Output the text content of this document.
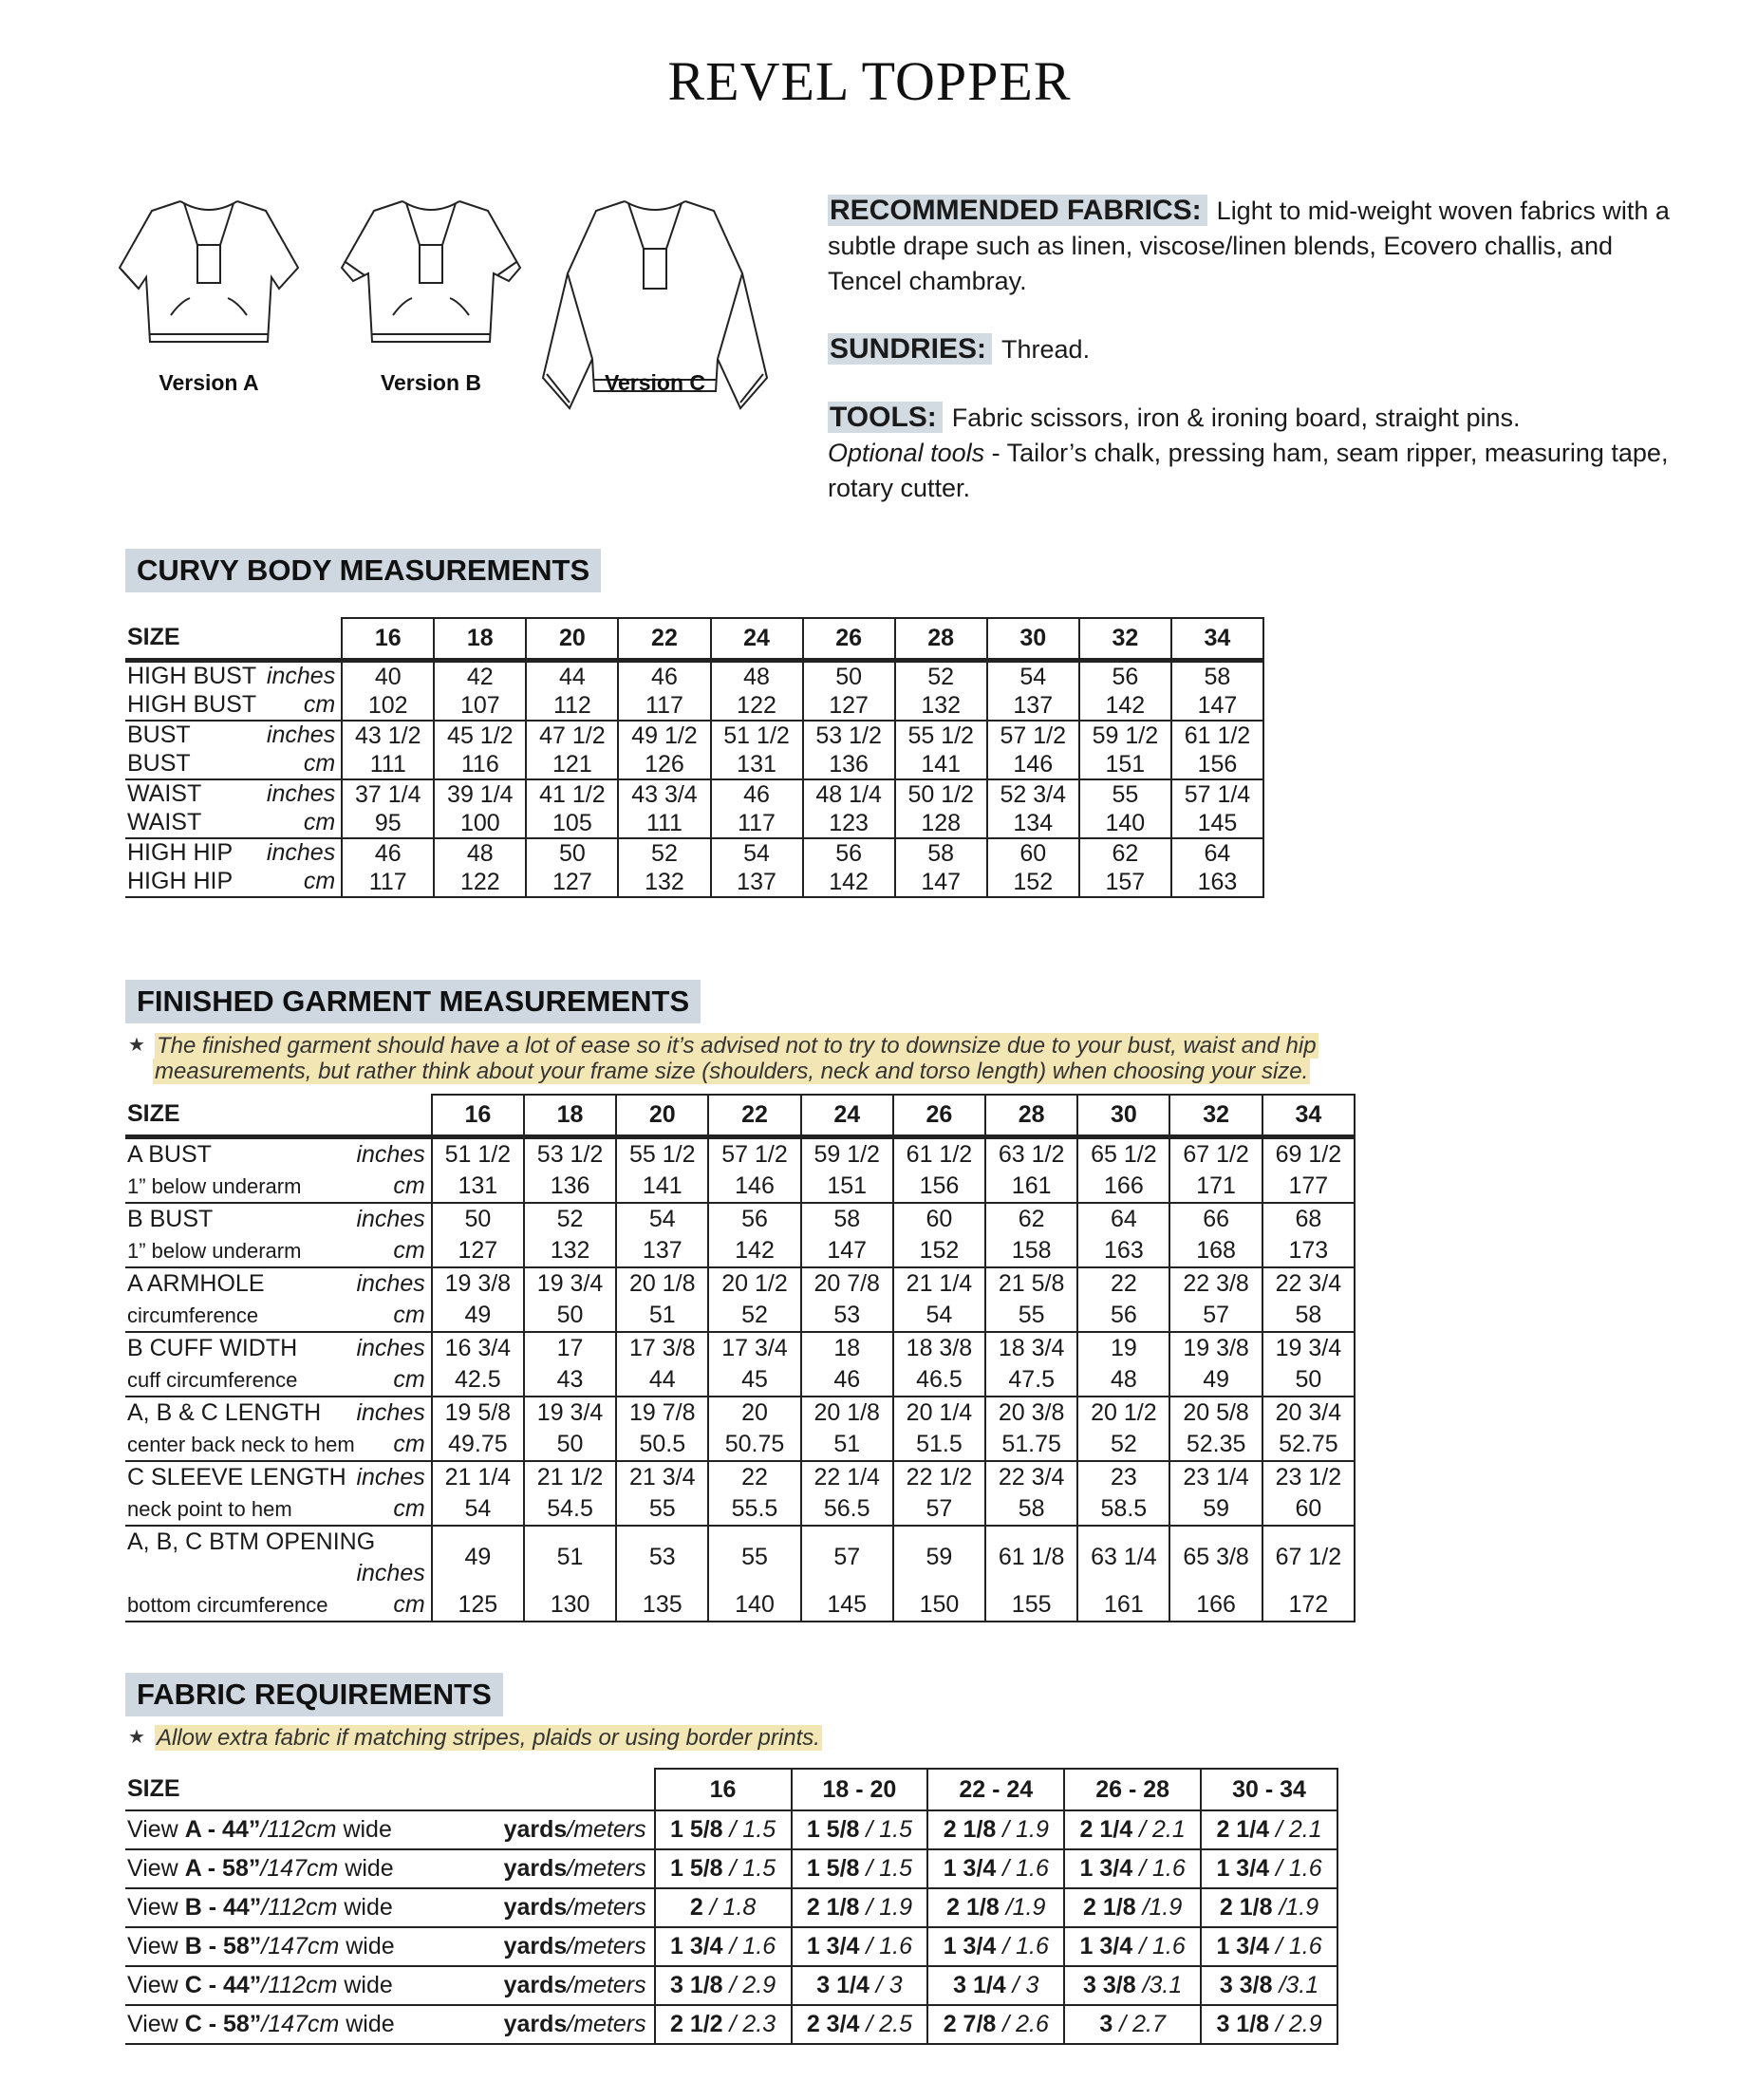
REVEL TOPPER
Version A	Version B	Version C

RECOMMENDED FABRICS: Light to mid-weight woven fabrics with a subtle drape such as linen, viscose/linen blends, Ecovero challis, and Tencel chambray.

SUNDRIES: Thread.

TOOLS: Fabric scissors, iron & ironing board, straight pins.
Optional tools - Tailor’s chalk, pressing ham, seam ripper, measuring tape, rotary cutter.

CURVY BODY MEASUREMENTS
SIZE	16	18	20	22	24	26	28	30	32	34
HIGH BUST inches	40	42	44	46	48	50	52	54	56	58
HIGH BUST cm	102	107	112	117	122	127	132	137	142	147
BUST inches	43 1/2	45 1/2	47 1/2	49 1/2	51 1/2	53 1/2	55 1/2	57 1/2	59 1/2	61 1/2
BUST cm	111	116	121	126	131	136	141	146	151	156
WAIST inches	37 1/4	39 1/4	41 1/2	43 3/4	46	48 1/4	50 1/2	52 3/4	55	57 1/4
WAIST cm	95	100	105	111	117	123	128	134	140	145
HIGH HIP inches	46	48	50	52	54	56	58	60	62	64
HIGH HIP cm	117	122	127	132	137	142	147	152	157	163
FINISHED GARMENT MEASUREMENTS
★ The finished garment should have a lot of ease so it’s advised not to try to downsize due to your bust, waist and hip
measurements, but rather think about your frame size (shoulders, neck and torso length) when choosing your size.
SIZE	16	18	20	22	24	26	28	30	32	34
A BUST inches	51 1/2	53 1/2	55 1/2	57 1/2	59 1/2	61 1/2	63 1/2	65 1/2	67 1/2	69 1/2
1” below underarm cm	131	136	141	146	151	156	161	166	171	177
B BUST inches	50	52	54	56	58	60	62	64	66	68
1” below underarm cm	127	132	137	142	147	152	158	163	168	173
A ARMHOLE inches	19 3/8	19 3/4	20 1/8	20 1/2	20 7/8	21 1/4	21 5/8	22	22 3/8	22 3/4
circumference cm	49	50	51	52	53	54	55	56	57	58
B CUFF WIDTH inches	16 3/4	17	17 3/8	17 3/4	18	18 3/8	18 3/4	19	19 3/8	19 3/4
cuff circumference cm	42.5	43	44	45	46	46.5	47.5	48	49	50
A, B & C LENGTH inches	19 5/8	19 3/4	19 7/8	20	20 1/8	20 1/4	20 3/8	20 1/2	20 5/8	20 3/4
center back neck to hem cm	49.75	50	50.5	50.75	51	51.5	51.75	52	52.35	52.75
C SLEEVE LENGTH inches	21 1/4	21 1/2	21 3/4	22	22 1/4	22 1/2	22 3/4	23	23 1/4	23 1/2
neck point to hem cm	54	54.5	55	55.5	56.5	57	58	58.5	59	60
A, B, C BTM OPENING
inches	49	51	53	55	57	59	61 1/8	63 1/4	65 3/8	67 1/2
bottom circumference cm	125	130	135	140	145	150	155	161	166	172
FABRIC REQUIREMENTS
★ Allow extra fabric if matching stripes, plaids or using border prints.
SIZE	16	18 - 20	22 - 24	26 - 28	30 - 34
View A - 44”/112cm wide yards/meters	1 5/8 / 1.5	1 5/8 / 1.5	2 1/8 / 1.9	2 1/4 / 2.1	2 1/4 / 2.1
View A - 58”/147cm wide yards/meters	1 5/8 / 1.5	1 5/8 / 1.5	1 3/4 / 1.6	1 3/4 / 1.6	1 3/4 / 1.6
View B - 44”/112cm wide yards/meters	2 / 1.8	2 1/8 / 1.9	2 1/8 /1.9	2 1/8 /1.9	2 1/8 /1.9
View B - 58”/147cm wide yards/meters	1 3/4 / 1.6	1 3/4 / 1.6	1 3/4 / 1.6	1 3/4 / 1.6	1 3/4 / 1.6
View C - 44”/112cm wide yards/meters	3 1/8 / 2.9	3 1/4 / 3	3 1/4 / 3	3 3/8 /3.1	3 3/8 /3.1
View C - 58”/147cm wide yards/meters	2 1/2 / 2.3	2 3/4 / 2.5	2 7/8 / 2.6	3 / 2.7	3 1/8 / 2.9
